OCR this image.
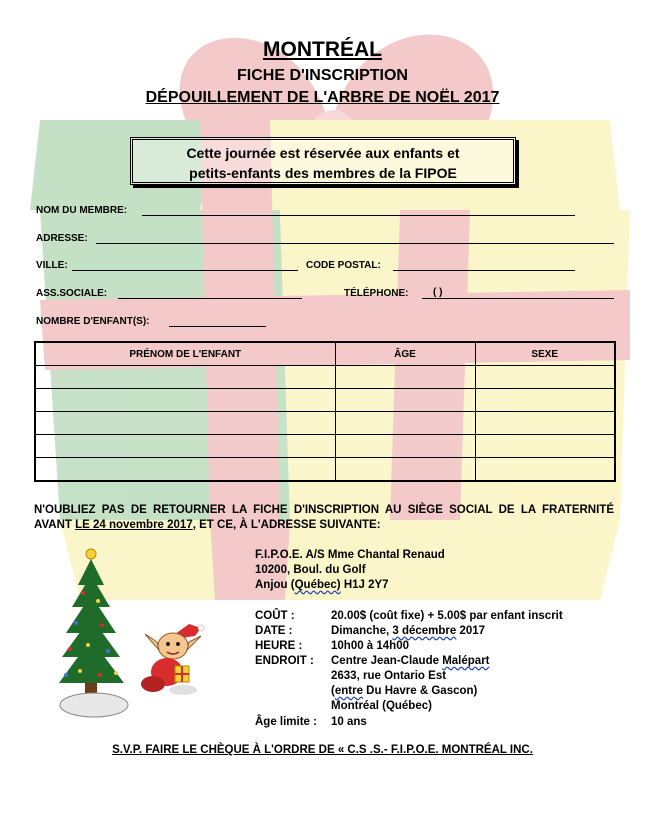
MONTRÉAL
FICHE D'INSCRIPTION
DÉPOUILLEMENT DE L'ARBRE DE NOËL 2017
Cette journée est réservée aux enfants et
petits-enfants des membres de la FIPOE
NOM DU MEMBRE:
ADRESSE:
VILLE:	CODE POSTAL:
ASS.SOCIALE:	TÉLÉPHONE: ( )
NOMBRE D'ENFANT(S):
PRÉNOM DE L'ENFANT	ÂGE	SEXE

N'OUBLIEZ PAS DE RETOURNER LA FICHE D'INSCRIPTION AU SIÈGE SOCIAL DE LA FRATERNITÉ AVANT LE 24 novembre 2017, ET CE, À L'ADRESSE SUIVANTE:
F.I.P.O.E. A/S Mme Chantal Renaud
10200, Boul. du Golf
Anjou (Québec) H1J 2Y7
COÛT :	20.00$ (coût fixe) + 5.00$ par enfant inscrit
DATE :	Dimanche, 3 décembre 2017
HEURE : 10h00 à 14h00
ENDROIT : Centre Jean-Claude Malépart
2633, rue Ontario Est
(entre Du Havre & Gascon)
Montréal (Québec)
Âge limite : 10 ans
S.V.P. FAIRE LE CHÈQUE À L'ORDRE DE « C.S .S.- F.I.P.O.E. MONTRÉAL INC.
